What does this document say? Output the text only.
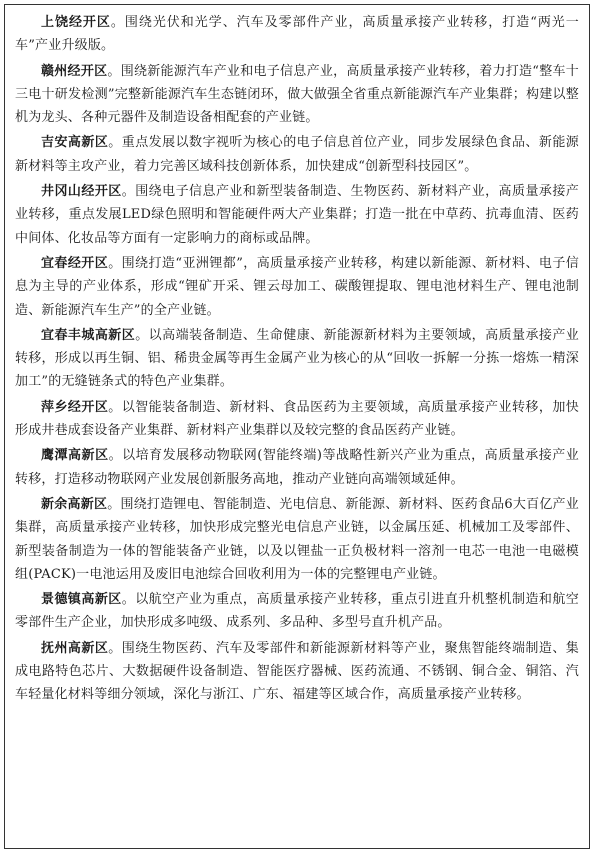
上饶经开区。围绕光伏和光学、汽车及零部件产业，高质量承接产业转移，打造“两光一车”产业升级版。

赣州经开区。围绕新能源汽车产业和电子信息产业，高质量承接产业转移，着力打造“整车十三电十研发检测”完整新能源汽车生态链闭环，做大做强全省重点新能源汽车产业集群；构建以整机为龙头、各种元器件及制造设备相配套的产业链。

吉安高新区。重点发展以数字视听为核心的电子信息首位产业，同步发展绿色食品、新能源新材料等主攻产业，着力完善区域科技创新体系，加快建成“创新型科技园区”。

井冈山经开区。围绕电子信息产业和新型装备制造、生物医药、新材料产业，高质量承接产业转移，重点发展LED绿色照明和智能硬件两大产业集群；打造一批在中草药、抗毒血清、医药中间体、化妆品等方面有一定影响力的商标或品牌。

宜春经开区。围绕打造“亚洲锂都”，高质量承接产业转移，构建以新能源、新材料、电子信息为主导的产业体系，形成“锂矿开采、锂云母加工、碳酸锂提取、锂电池材料生产、锂电池制造、新能源汽车生产”的全产业链。

宜春丰城高新区。以高端装备制造、生命健康、新能源新材料为主要领域，高质量承接产业转移，形成以再生铜、铝、稀贵金属等再生金属产业为核心的从“回收一拆解一分拣一熔炼一精深加工”的无缝链条式的特色产业集群。

萍乡经开区。以智能装备制造、新材料、食品医药为主要领域，高质量承接产业转移，加快形成井巷成套设备产业集群、新材料产业集群以及较完整的食品医药产业链。

鹰潭高新区。以培育发展移动物联网(智能终端)等战略性新兴产业为重点，高质量承接产业转移，打造移动物联网产业发展创新服务高地，推动产业链向高端领域延伸。

新余高新区。围绕打造锂电、智能制造、光电信息、新能源、新材料、医药食品6大百亿产业集群，高质量承接产业转移，加快形成完整光电信息产业链，以金属压延、机械加工及零部件、新型装备制造为一体的智能装备产业链，以及以锂盐一正负极材料一溶剂一电芯一电池一电磁模组(PACK)一电池运用及废旧电池综合回收利用为一体的完整锂电产业链。

景德镇高新区。以航空产业为重点，高质量承接产业转移，重点引进直升机整机制造和航空零部件生产企业，加快形成多吨级、成系列、多品种、多型号直升机产品。

抚州高新区。围绕生物医药、汽车及零部件和新能源新材料等产业，聚焦智能终端制造、集成电路特色芯片、大数据硬件设备制造、智能医疗器械、医药流通、不锈钢、铜合金、铜箔、汽车轻量化材料等细分领域，深化与浙江、广东、福建等区域合作，高质量承接产业转移。
